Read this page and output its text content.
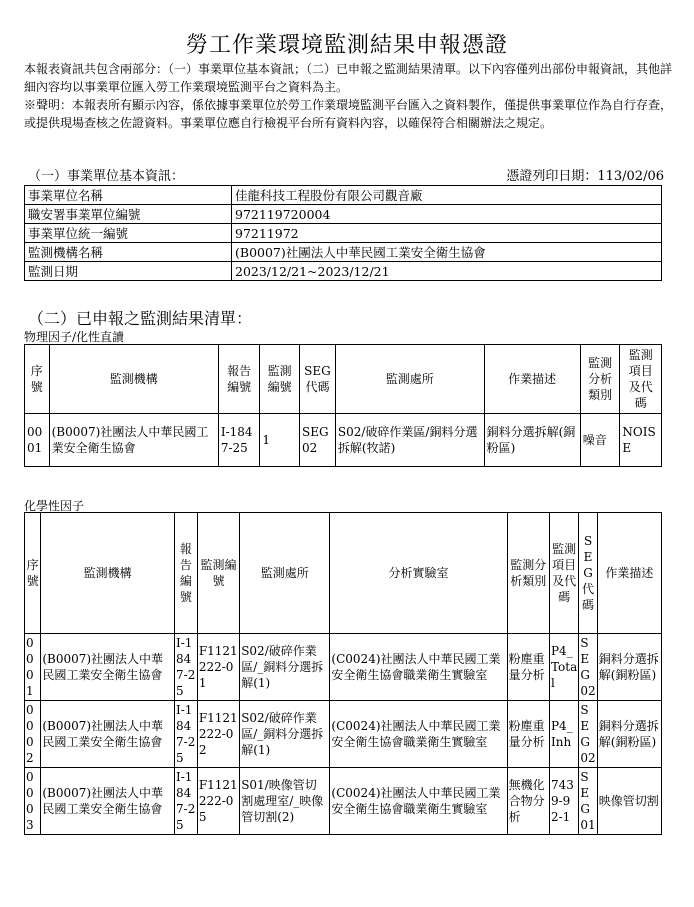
勞工作業環境監測結果申報憑證

本報表資訊共包含兩部分：（一）事業單位基本資訊；（二）已申報之監測結果清單。以下內容僅列出部份申報資訊，其他詳細內容均以事業單位匯入勞工作業環境監測平台之資料為主。

※聲明：本報表所有顯示內容，係依據事業單位於勞工作業環境監測平台匯入之資料製作，僅提供事業單位作為自行存查，或提供現場查核之佐證資料。事業單位應自行檢視平台所有資料內容，以確保符合相關辦法之規定。

（一）事業單位基本資訊：	憑證列印日期：113/02/06
事業單位名稱	佳龍科技工程股份有限公司觀音廠
職安署事業單位編號	972119720004
事業單位統一編號	97211972
監測機構名稱	(B0007)社團法人中華民國工業安全衛生協會
監測日期	2023/12/21~2023/12/21
（二）已申報之監測結果清單：
物理因子/化性直讀
序號	監測機構	報告編號	監測編號	SEG代碼	監測處所	作業描述	監測分析類別	監測項目及代碼
0001	(B0007)社團法人中華民國工業安全衛生協會	I-1847-25	1	SEG02	S02/破碎作業區/銅料分選拆解(牧諾)	銅料分選拆解(銅粉區)	噪音	NOISE
化學性因子
序號	監測機構	報告編號	監測編號	監測處所	分析實驗室	監測分析類別	監測項目及代碼	SEG代碼	作業描述
0001	(B0007)社團法人中華民國工業安全衛生協會	I-1847-25	F1121222-01	S02/破碎作業區/_銅料分選拆解(1)	(C0024)社團法人中華民國工業安全衛生協會職業衛生實驗室	粉塵重量分析	P4_Total	SEG02	銅料分選拆解(銅粉區)
0002	(B0007)社團法人中華民國工業安全衛生協會	I-1847-25	F1121222-02	S02/破碎作業區/_銅料分選拆解(1)	(C0024)社團法人中華民國工業安全衛生協會職業衛生實驗室	粉塵重量分析	P4_Inh	SEG02	銅料分選拆解(銅粉區)
0003	(B0007)社團法人中華民國工業安全衛生協會	I-1847-25	F1121222-05	S01/映像管切割處理室/_映像管切割(2)	(C0024)社團法人中華民國工業安全衛生協會職業衛生實驗室	無機化合物分析	7439-92-1	SEG01	映像管切割
